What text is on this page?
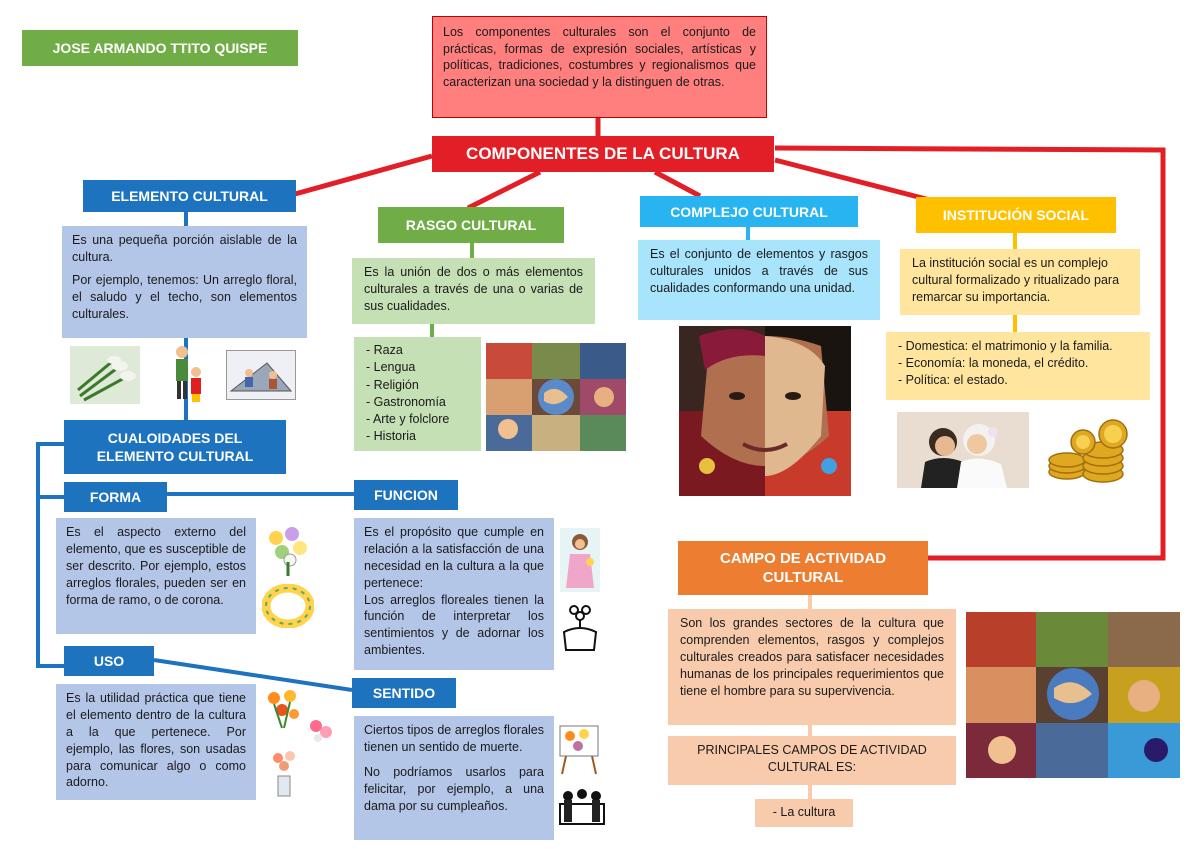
JOSE ARMANDO TTITO QUISPE
Los componentes culturales son el conjunto de prácticas, formas de expresión sociales, artísticas y políticas, tradiciones, costumbres y regionalismos que caracterizan una sociedad y la distinguen de otras.
COMPONENTES DE LA CULTURA
ELEMENTO CULTURAL

Es una pequeña porción aislable de la cultura.

Por ejemplo, tenemos: Un arreglo floral, el saludo y el techo, son elementos culturales.

CUALOIDADES DEL ELEMENTO CULTURAL
FORMA

Es el aspecto externo del elemento, que es susceptible de ser descrito. Por ejemplo, estos arreglos florales, pueden ser en forma de ramo, o de corona.

USO

Es la utilidad práctica que tiene el elemento dentro de la cultura a la que pertenece. Por ejemplo, las flores, son usadas para comunicar algo o como adorno.

FUNCION

Es el propósito que cumple en relación a la satisfacción de una necesidad en la cultura a la que pertenece:

Los arreglos floreales tienen la función de interpretar los sentimientos y de adornar los ambientes.

SENTIDO

Ciertos tipos de arreglos florales tienen un sentido de muerte.

No podríamos usarlos para felicitar, por ejemplo, a una dama por su cumpleaños.

RASGO CULTURAL

Es la unión de dos o más elementos culturales a través de una o varias de sus cualidades.

- Raza
- Lengua
- Religión
- Gastronomía
- Arte y folclore
- Historia
COMPLEJO CULTURAL

Es el conjunto de elementos y rasgos culturales unidos a través de sus cualidades conformando una unidad.

INSTITUCIÓN SOCIAL

La institución social es un complejo cultural formalizado y ritualizado para remarcar su importancia.

- Domestica: el matrimonio y la familia.
- Economía: la moneda, el crédito.
- Política: el estado.
CAMPO DE ACTIVIDAD CULTURAL

Son los grandes sectores de la cultura que comprenden elementos, rasgos y complejos culturales creados para satisfacer necesidades humanas de los principales requerimientos que tiene el hombre para su supervivencia.

PRINCIPALES CAMPOS DE ACTIVIDAD CULTURAL ES:

- La cultura
